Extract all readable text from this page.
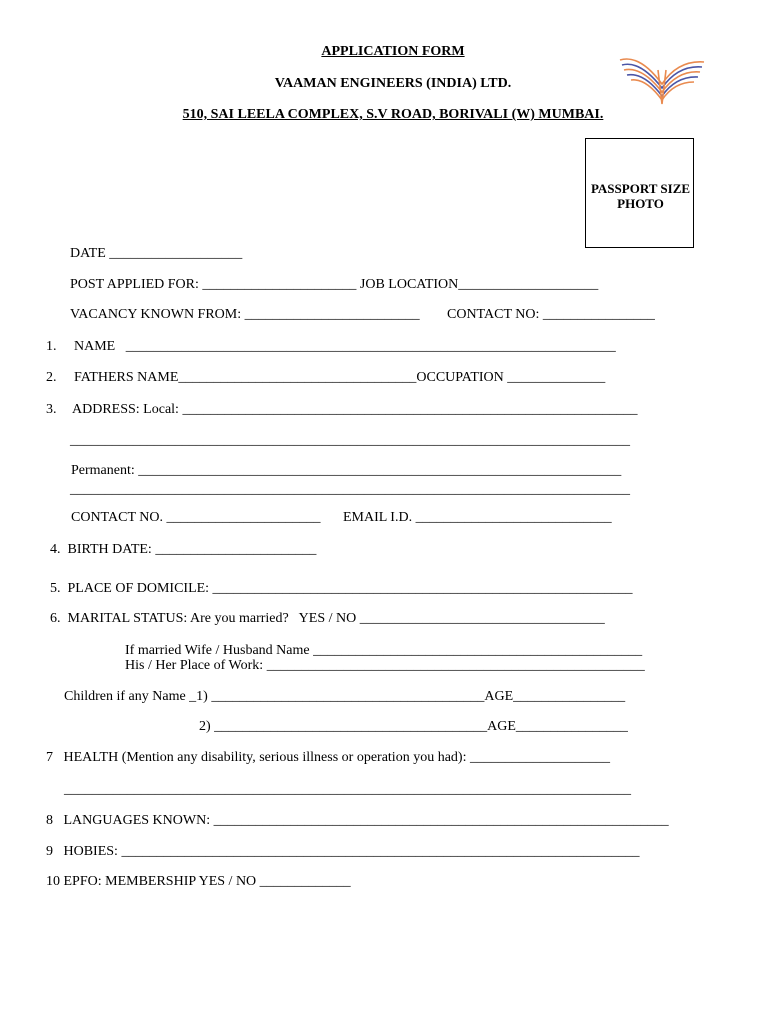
APPLICATION FORM
VAAMAN ENGINEERS (INDIA) LTD.
510, SAI LEELA COMPLEX, S.V ROAD, BORIVALI (W) MUMBAI.
PASSPORT SIZE
PHOTO
DATE ___________________
POST APPLIED FOR: ______________________ JOB LOCATION____________________
VACANCY KNOWN FROM: _________________________ CONTACT NO: ________________
1. NAME   ______________________________________________________________________
2. FATHERS NAME__________________________________OCCUPATION ______________
3. ADDRESS: Local: _________________________________________________________________
________________________________________________________________________________
Permanent: _____________________________________________________________________
________________________________________________________________________________
CONTACT NO. ______________________ EMAIL I.D. ____________________________
4.  BIRTH DATE: _______________________
5.  PLACE OF DOMICILE: ____________________________________________________________
6.  MARITAL STATUS: Are you married?   YES / NO ___________________________________
If married Wife / Husband Name _______________________________________________
His / Her Place of Work: ______________________________________________________
Children if any Name _1) _______________________________________AGE________________
2) _______________________________________AGE________________
7   HEALTH (Mention any disability, serious illness or operation you had): ____________________
_________________________________________________________________________________
8   LANGUAGES KNOWN: _________________________________________________________________
9   HOBIES: __________________________________________________________________________
10 EPFO: MEMBERSHIP YES / NO _____________
